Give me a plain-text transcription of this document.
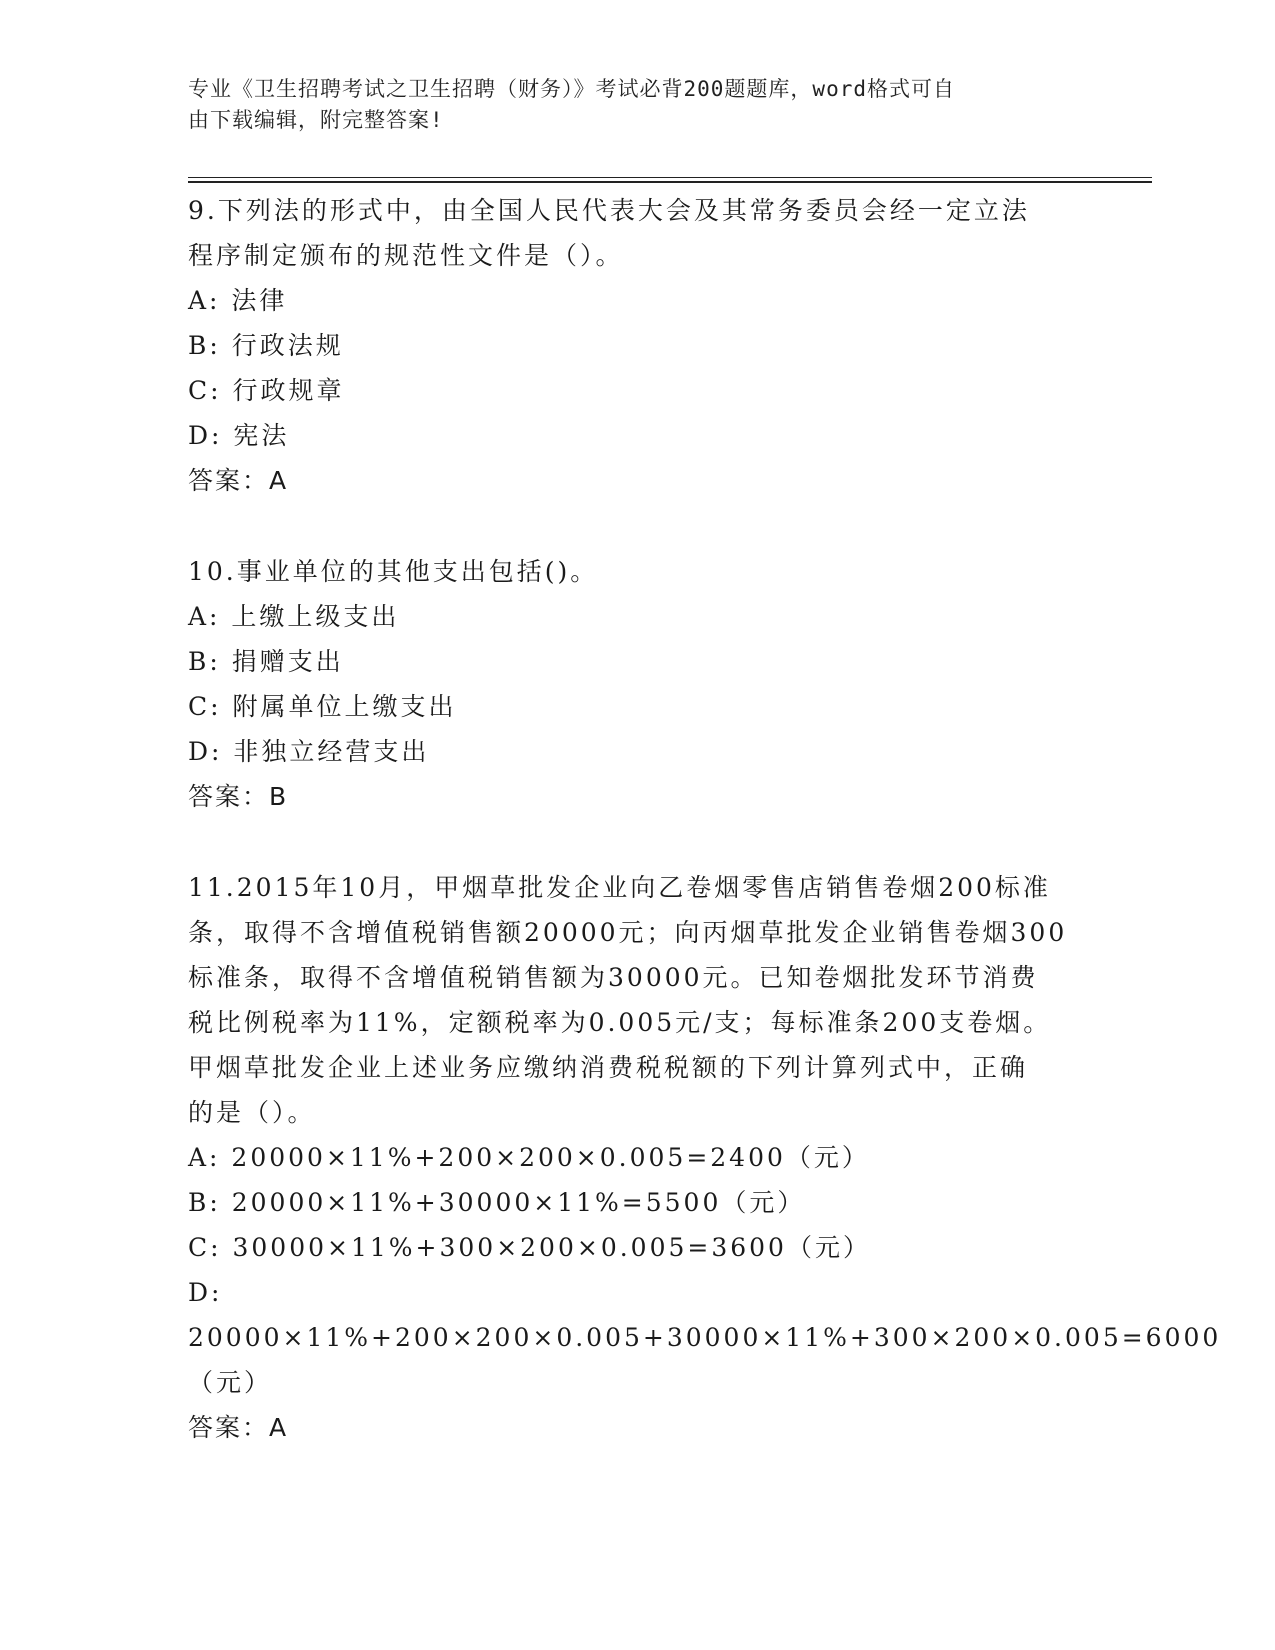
专业《卫生招聘考试之卫生招聘（财务）》考试必背200题题库，word格式可自
由下载编辑，附完整答案!

9.下列法的形式中，由全国人民代表大会及其常务委员会经一定立法

程序制定颁布的规范性文件是（）。

A: 法律

B: 行政法规

C: 行政规章

D: 宪法

答案：A

10.事业单位的其他支出包括()。

A: 上缴上级支出

B: 捐赠支出

C: 附属单位上缴支出

D: 非独立经营支出

答案：B

11.2015年10月，甲烟草批发企业向乙卷烟零售店销售卷烟200标准

条，取得不含增值税销售额20000元；向丙烟草批发企业销售卷烟300

标准条，取得不含增值税销售额为30000元。已知卷烟批发环节消费

税比例税率为11%，定额税率为0.005元/支；每标准条200支卷烟。

甲烟草批发企业上述业务应缴纳消费税税额的下列计算列式中，正确

的是（）。

A: 20000×11%+200×200×0.005=2400（元）

B: 20000×11%+30000×11%=5500（元）

C: 30000×11%+300×200×0.005=3600（元）

D: 20000×11%+200×200×0.005+30000×11%+300×200×0.005=6000

（元）

答案：A
